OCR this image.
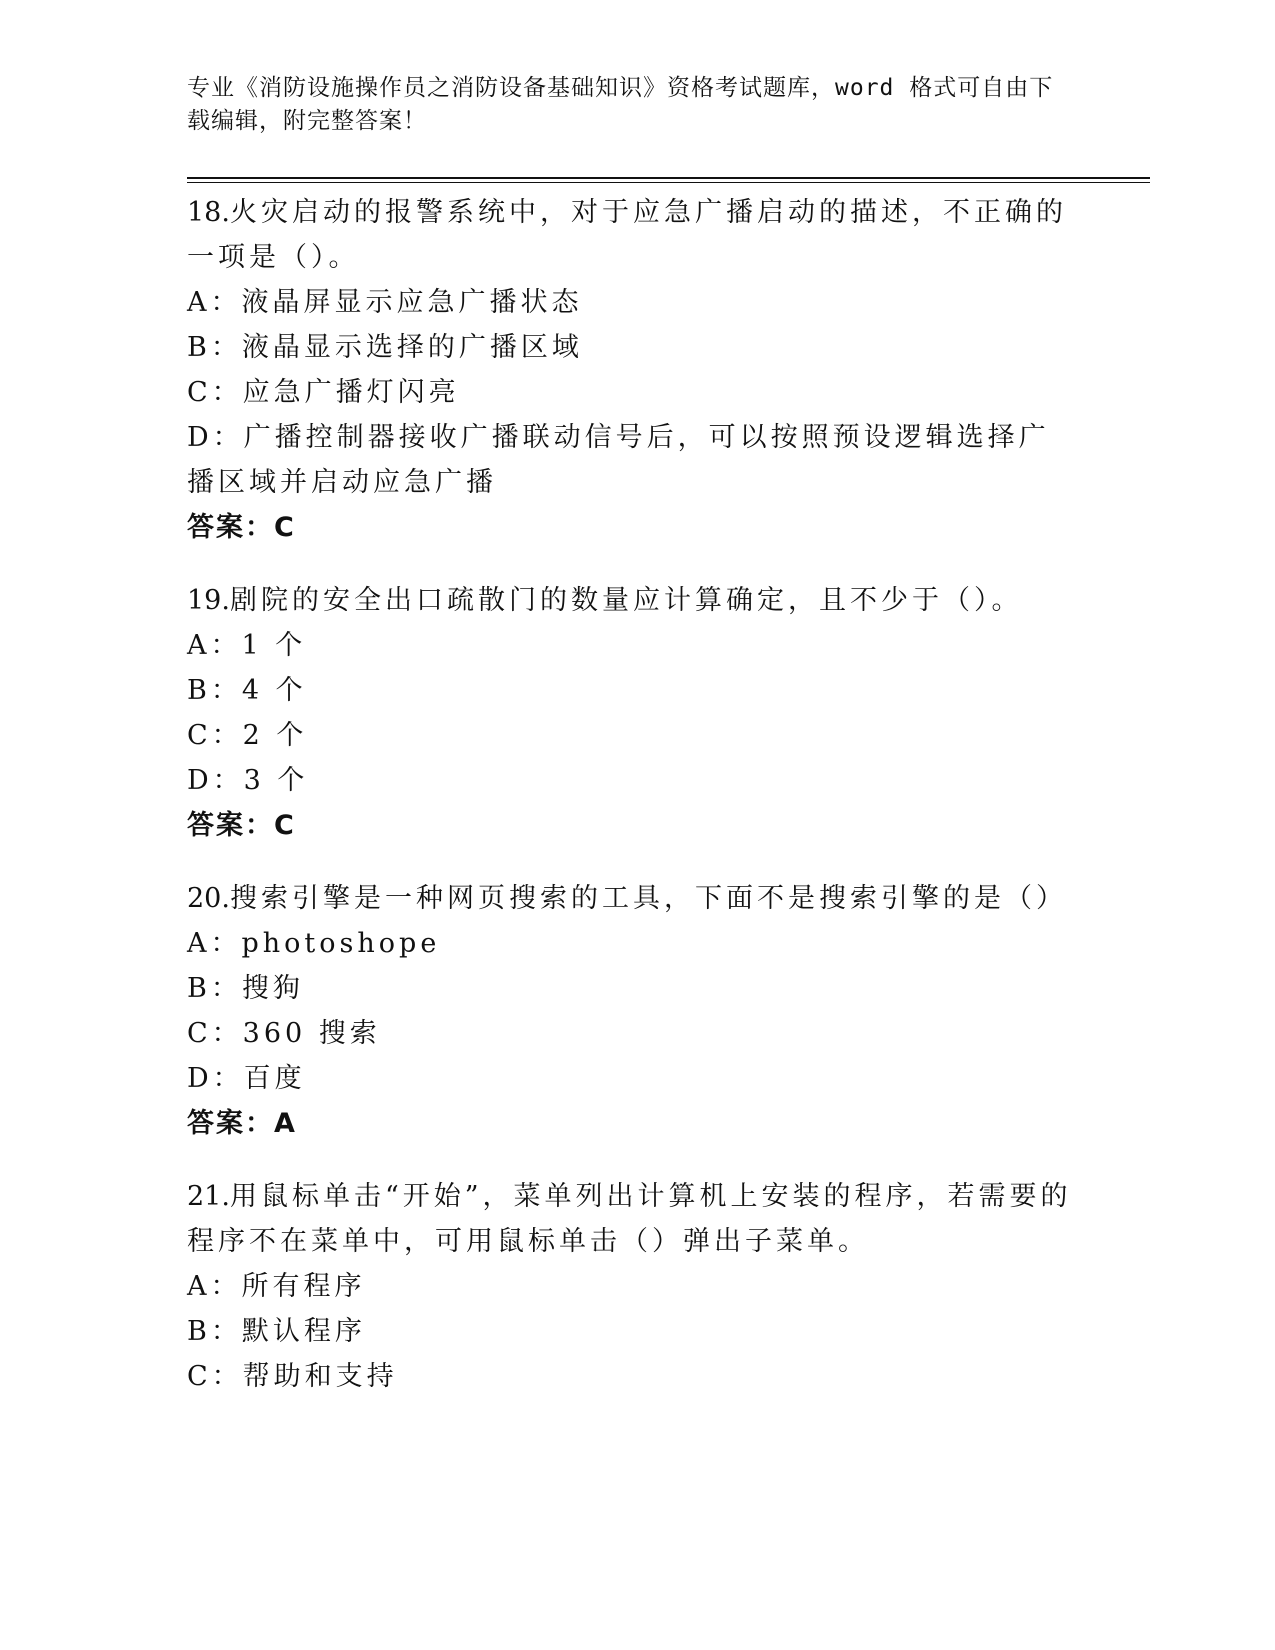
专业《消防设施操作员之消防设备基础知识》资格考试题库，word 格式可自由下载编辑，附完整答案！
18.火灾启动的报警系统中，对于应急广播启动的描述，不正确的一项是（）。
A：液晶屏显示应急广播状态
B：液晶显示选择的广播区域
C：应急广播灯闪亮
D：广播控制器接收广播联动信号后，可以按照预设逻辑选择广播区域并启动应急广播
答案：C
19.剧院的安全出口疏散门的数量应计算确定，且不少于（）。
A：1 个
B：4 个
C：2 个
D：3 个
答案：C
20.搜索引擎是一种网页搜索的工具，下面不是搜索引擎的是（）
A：photoshope
B：搜狗
C：360 搜索
D：百度
答案：A
21.用鼠标单击“开始”，菜单列出计算机上安装的程序，若需要的程序不在菜单中，可用鼠标单击（）弹出子菜单。
A：所有程序
B：默认程序
C：帮助和支持
